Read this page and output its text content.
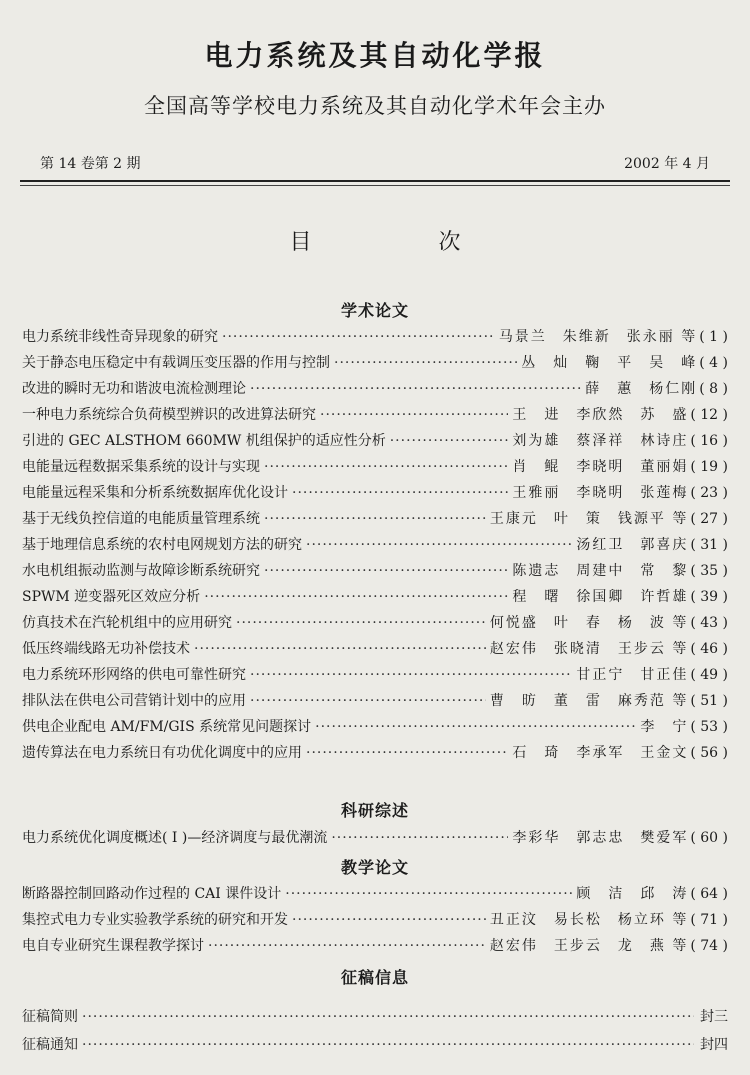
电力系统及其自动化学报
全国高等学校电力系统及其自动化学术年会主办
第 14 卷第 2 期	2002 年 4 月
目 次
学术论文
电力系统非线性奇异现象的研究 ·····	马景兰　朱维新　张永丽 等 ( 1 )
关于静态电压稳定中有载调压变压器的作用与控制 ·····	丛　灿　鞠　平　吴　峰 ( 4 )
改进的瞬时无功和谐波电流检测理论 ·····	薛　蕙　杨仁刚 ( 8 )
一种电力系统综合负荷模型辨识的改进算法研究 ·····	王　进　李欣然　苏　盛 ( 12 )
引进的 GEC ALSTHOM 660MW 机组保护的适应性分析 ·····	刘为雄　蔡泽祥　林诗庄 ( 16 )
电能量远程数据采集系统的设计与实现 ·····	肖　鲲　李晓明　董丽娟 ( 19 )
电能量远程采集和分析系统数据库优化设计 ·····	王雅丽　李晓明　张莲梅 ( 23 )
基于无线负控信道的电能质量管理系统 ·····	王康元　叶　策　钱源平 等 ( 27 )
基于地理信息系统的农村电网规划方法的研究 ·····	汤红卫　郭喜庆 ( 31 )
水电机组振动监测与故障诊断系统研究 ·····	陈遗志　周建中　常　黎 ( 35 )
SPWM 逆变器死区效应分析 ·····	程　曙　徐国卿　许哲雄 ( 39 )
仿真技术在汽轮机组中的应用研究 ·····	何悦盛　叶　春　杨　波 等 ( 43 )
低压终端线路无功补偿技术 ·····	赵宏伟　张晓清　王步云 等 ( 46 )
电力系统环形网络的供电可靠性研究 ·····	甘正宁　甘正佳 ( 49 )
排队法在供电公司营销计划中的应用 ·····	曹　昉　董　雷　麻秀范 等 ( 51 )
供电企业配电 AM/FM/GIS 系统常见问题探讨 ·····	李　宁 ( 53 )
遗传算法在电力系统日有功优化调度中的应用 ·····	石　琦　李承军　王金文 ( 56 )
科研综述
电力系统优化调度概述( Ⅰ )—经济调度与最优潮流 ·····	李彩华　郭志忠　樊爱军 ( 60 )
教学论文
断路器控制回路动作过程的 CAI 课件设计 ·····	顾　洁　邱　涛 ( 64 )
集控式电力专业实验教学系统的研究和开发 ·····	丑正汶　易长松　杨立环 等 ( 71 )
电自专业研究生课程教学探讨 ·····	赵宏伟　王步云　龙　燕 等 ( 74 )
征稿信息
征稿简则 ·····	封三
征稿通知 ·····	封四
